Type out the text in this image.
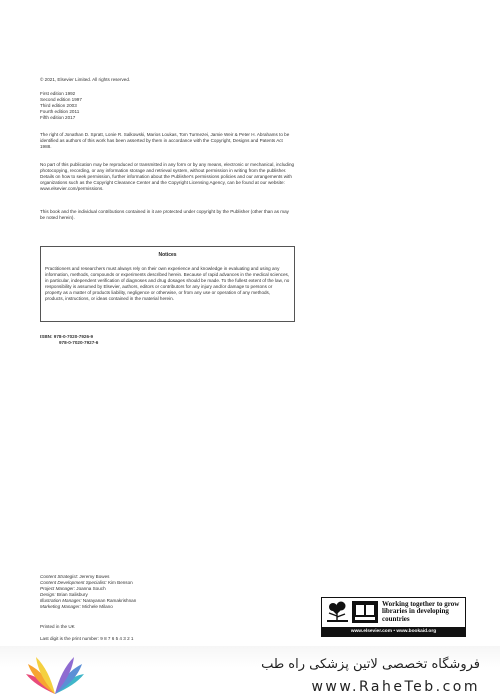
© 2021, Elsevier Limited. All rights reserved.
First edition 1992
Second edition 1997
Third edition 2003
Fourth edition 2011
Fifth edition 2017
The right of Jonathan D. Spratt, Lonie R. Salkowski, Marios Loukas, Tom Turmezei, Jamie Weir & Peter H. Abrahams to be identified as authors of this work has been asserted by them in accordance with the Copyright, Designs and Patents Act 1988.
No part of this publication may be reproduced or transmitted in any form or by any means, electronic or mechanical, including photocopying, recording, or any information storage and retrieval system, without permission in writing from the publisher. Details on how to seek permission, further information about the Publisher's permissions policies and our arrangements with organizations such as the Copyright Clearance Center and the Copyright Licensing Agency, can be found at our website: www.elsevier.com/permissions.
This book and the individual contributions contained in it are protected under copyright by the Publisher (other than as may be noted herein).
Notices
Practitioners and researchers must always rely on their own experience and knowledge in evaluating and using any information, methods, compounds or experiments described herein. Because of rapid advances in the medical sciences, in particular, independent verification of diagnoses and drug dosages should be made. To the fullest extent of the law, no responsibility is assumed by Elsevier, authors, editors or contributors for any injury and/or damage to persons or property as a matter of products liability, negligence or otherwise, or from any use or operation of any methods, products, instructions, or ideas contained in the material herein.
ISBN: 978-0-7020-7926-9
978-0-7020-7927-6
Content Strategist: Jeremy Bowes
Content Development Specialist: Kim Benson
Project Manager: Joanna Souch
Design: Brian Salisbury
Illustration Manager: Narayanan Ramakrishnan
Marketing Manager: Michele Milano
Printed in the UK
Last digit is the print number: 9 8 7 6 5 4 3 2 1
Working together to grow libraries in developing countries
www.elsevier.com • www.bookaid.org
فروشگاه تخصصی لاتین پزشکی راه طب
www.RaheTeb.com
